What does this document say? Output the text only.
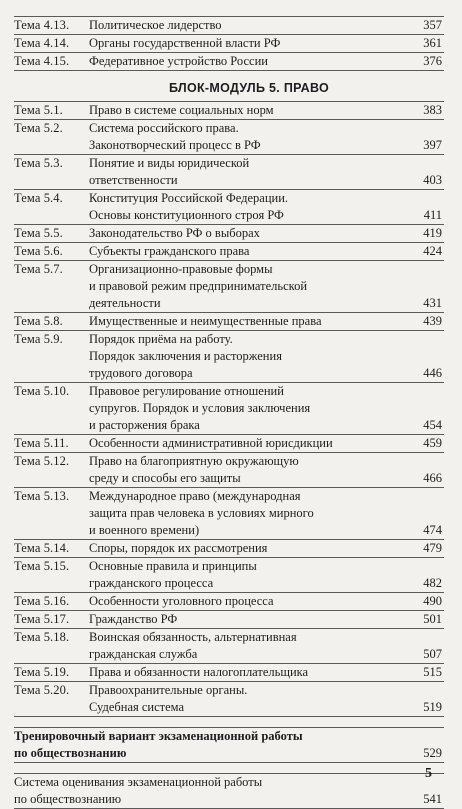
Тема 4.13. Политическое лидерство	357
Тема 4.14. Органы государственной власти РФ	361
Тема 4.15. Федеративное устройство России	376
БЛОК-МОДУЛЬ 5. ПРАВО
Тема 5.1. Право в системе социальных норм	383
Тема 5.2. Система российского права.
Законотворческий процесс в РФ	397
Тема 5.3. Понятие и виды юридической
ответственности	403
Тема 5.4. Конституция Российской Федерации.
Основы конституционного строя РФ	411
Тема 5.5. Законодательство РФ о выборах	419
Тема 5.6. Субъекты гражданского права	424
Тема 5.7. Организационно-правовые формы
и правовой режим предпринимательской
деятельности	431
Тема 5.8. Имущественные и неимущественные права	439
Тема 5.9. Порядок приёма на работу.
Порядок заключения и расторжения
трудового договора	446
Тема 5.10. Правовое регулирование отношений
супругов. Порядок и условия заключения
и расторжения брака	454
Тема 5.11. Особенности административной юрисдикции	459
Тема 5.12. Право на благоприятную окружающую
среду и способы его защиты	466
Тема 5.13. Международное право (международная
защита прав человека в условиях мирного
и военного времени)	474
Тема 5.14. Споры, порядок их рассмотрения	479
Тема 5.15. Основные правила и принципы
гражданского процесса	482
Тема 5.16. Особенности уголовного процесса	490
Тема 5.17. Гражданство РФ	501
Тема 5.18. Воинская обязанность, альтернативная
гражданская служба	507
Тема 5.19. Права и обязанности налогоплательщика	515
Тема 5.20. Правоохранительные органы.
Судебная система	519
Тренировочный вариант экзаменационной работы
по обществознанию	529
Система оценивания экзаменационной работы
по обществознанию	541
5
